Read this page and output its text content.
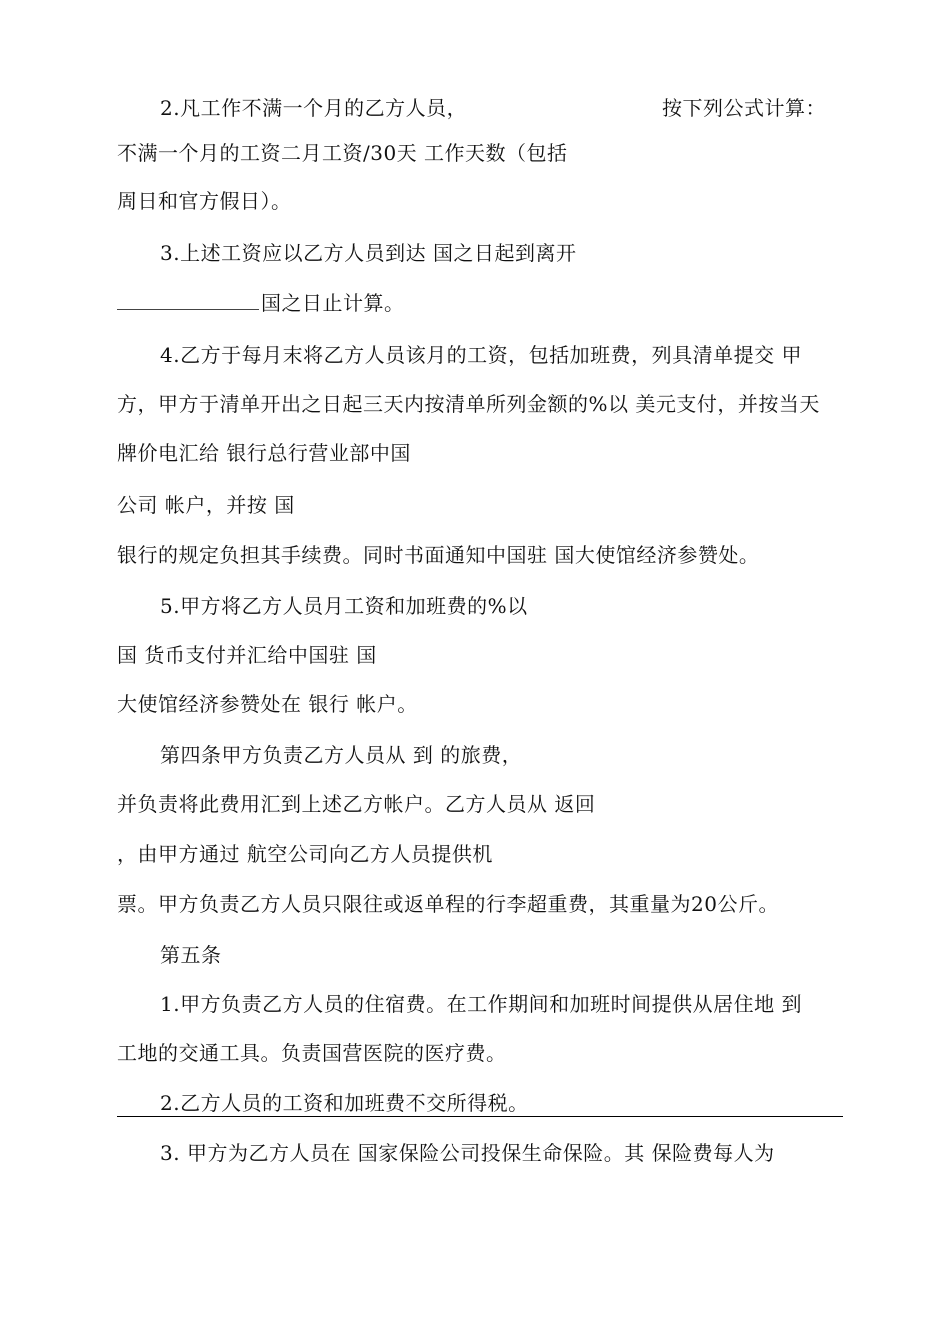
2.凡工作不满一个月的乙方人员，	按下列公式计算：
不满一个月的工资二月工资/30天 工作天数（包括
周日和官方假日）。
3.上述工资应以乙方人员到达 国之日起到离开
国之日止计算。
4.乙方于每月末将乙方人员该月的工资，包括加班费，列具清单提交 甲
方，甲方于清单开出之日起三天内按清单所列金额的%以 美元支付，并按当天
牌价电汇给 银行总行营业部中国
公司 帐户，并按 国
银行的规定负担其手续费。同时书面通知中国驻 国大使馆经济参赞处。
5.甲方将乙方人员月工资和加班费的%以
国 货币支付并汇给中国驻 国
大使馆经济参赞处在 银行 帐户。
第四条甲方负责乙方人员从 到 的旅费，
并负责将此费用汇到上述乙方帐户。乙方人员从 返回
，由甲方通过 航空公司向乙方人员提供机
票。甲方负责乙方人员只限往或返单程的行李超重费，其重量为20公斤。
第五条
1.甲方负责乙方人员的住宿费。在工作期间和加班时间提供从居住地 到
工地的交通工具。负责国营医院的医疗费。
2.乙方人员的工资和加班费不交所得税。
3. 甲方为乙方人员在 国家保险公司投保生命保险。其 保险费每人为
